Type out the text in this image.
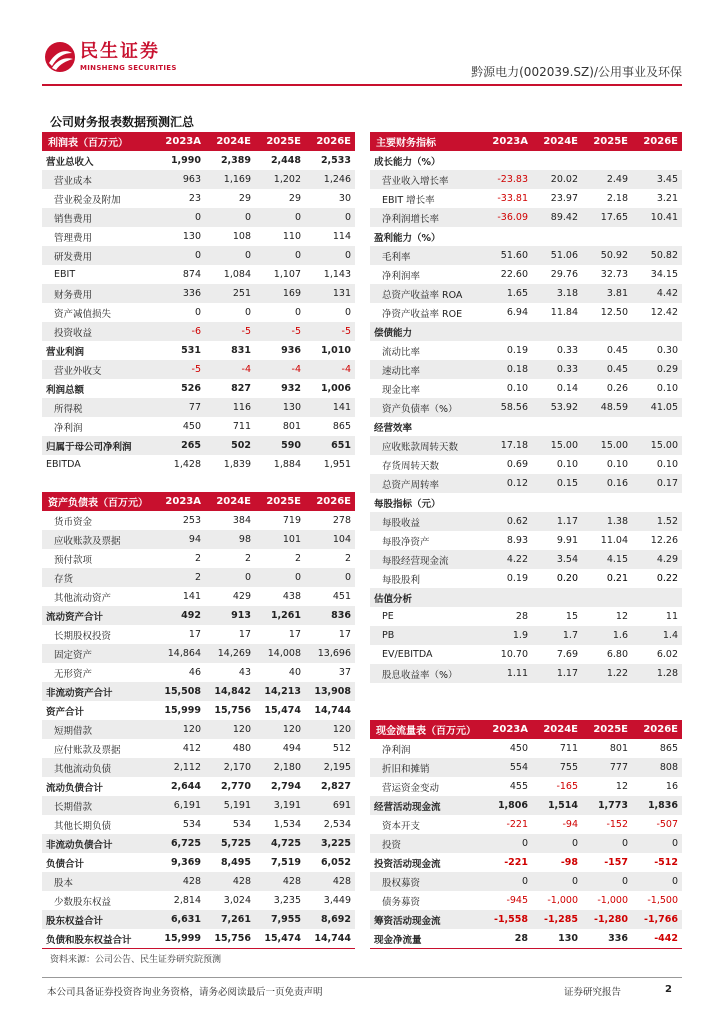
民生证券
MINSHENG SECURITIES	黔源电力(002039.SZ)/公用事业及环保
公司财务报表数据预测汇总
利润表（百万元）	2023A	2024E	2025E	2026E
营业总收入	1,990	2,389	2,448	2,533
营业成本	963	1,169	1,202	1,246
营业税金及附加	23	29	29	30
销售费用	0	0	0	0
管理费用	130	108	110	114
研发费用	0	0	0	0
EBIT	874	1,084	1,107	1,143
财务费用	336	251	169	131
资产减值损失	0	0	0	0
投资收益	-6	-5	-5	-5
营业利润	531	831	936	1,010
营业外收支	-5	-4	-4	-4
利润总额	526	827	932	1,006
所得税	77	116	130	141
净利润	450	711	801	865
归属于母公司净利润	265	502	590	651
EBITDA	1,428	1,839	1,884	1,951
资产负债表（百万元）	2023A	2024E	2025E	2026E
货币资金	253	384	719	278
应收账款及票据	94	98	101	104
预付款项	2	2	2	2
存货	2	0	0	0
其他流动资产	141	429	438	451
流动资产合计	492	913	1,261	836
长期股权投资	17	17	17	17
固定资产	14,864	14,269	14,008	13,696
无形资产	46	43	40	37
非流动资产合计	15,508	14,842	14,213	13,908
资产合计	15,999	15,756	15,474	14,744
短期借款	120	120	120	120
应付账款及票据	412	480	494	512
其他流动负债	2,112	2,170	2,180	2,195
流动负债合计	2,644	2,770	2,794	2,827
长期借款	6,191	5,191	3,191	691
其他长期负债	534	534	1,534	2,534
非流动负债合计	6,725	5,725	4,725	3,225
负债合计	9,369	8,495	7,519	6,052
股本	428	428	428	428
少数股东权益	2,814	3,024	3,235	3,449
股东权益合计	6,631	7,261	7,955	8,692
负债和股东权益合计	15,999	15,756	15,474	14,744
主要财务指标	2023A	2024E	2025E	2026E
成长能力（%）				
营业收入增长率	-23.83	20.02	2.49	3.45
EBIT 增长率	-33.81	23.97	2.18	3.21
净利润增长率	-36.09	89.42	17.65	10.41
盈利能力（%）				
毛利率	51.60	51.06	50.92	50.82
净利润率	22.60	29.76	32.73	34.15
总资产收益率 ROA	1.65	3.18	3.81	4.42
净资产收益率 ROE	6.94	11.84	12.50	12.42
偿债能力				
流动比率	0.19	0.33	0.45	0.30
速动比率	0.18	0.33	0.45	0.29
现金比率	0.10	0.14	0.26	0.10
资产负债率（%）	58.56	53.92	48.59	41.05
经营效率				
应收账款周转天数	17.18	15.00	15.00	15.00
存货周转天数	0.69	0.10	0.10	0.10
总资产周转率	0.12	0.15	0.16	0.17
每股指标（元）				
每股收益	0.62	1.17	1.38	1.52
每股净资产	8.93	9.91	11.04	12.26
每股经营现金流	4.22	3.54	4.15	4.29
每股股利	0.19	0.20	0.21	0.22
估值分析				
PE	28	15	12	11
PB	1.9	1.7	1.6	1.4
EV/EBITDA	10.70	7.69	6.80	6.02
股息收益率（%）	1.11	1.17	1.22	1.28
现金流量表（百万元）	2023A	2024E	2025E	2026E
净利润	450	711	801	865
折旧和摊销	554	755	777	808
营运资金变动	455	-165	12	16
经营活动现金流	1,806	1,514	1,773	1,836
资本开支	-221	-94	-152	-507
投资	0	0	0	0
投资活动现金流	-221	-98	-157	-512
股权募资	0	0	0	0
债务募资	-945	-1,000	-1,000	-1,500
筹资活动现金流	-1,558	-1,285	-1,280	-1,766
现金净流量	28	130	336	-442
资料来源：公司公告、民生证券研究院预测
本公司具备证券投资咨询业务资格，请务必阅读最后一页免责声明	证券研究报告	2
